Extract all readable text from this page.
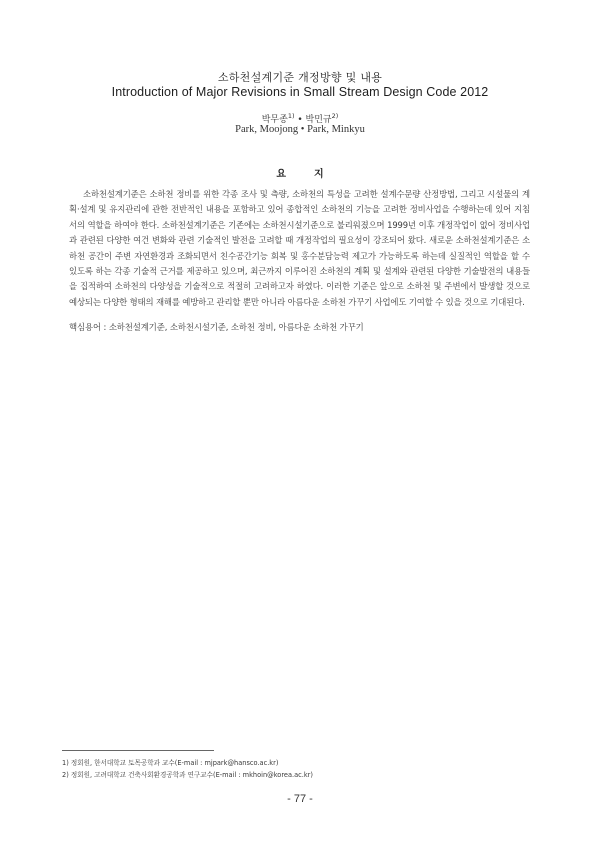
소하천설계기준 개정방향 및 내용
Introduction of Major Revisions in Small Stream Design Code 2012
박무종$^{1)}$ • 박민규$^{2)}$
Park, Moojong • Park, Minkyu
요	지
소하천설계기준은 소하천 정비를 위한 각종 조사 및 측량, 소하천의 특성을 고려한 설계수문량 산정방법, 그리고 시설물의 계획·설계 및 유지관리에 관한 전반적인 내용을 포함하고 있어 종합적인 소하천의 기능을 고려한 정비사업을 수행하는데 있어 지침서의 역할을 하여야 한다. 소하천설계기준은 기존에는 소하천시설기준으로 불리워졌으며 1999년 이후 개정작업이 없어 정비사업과 관련된 다양한 여건 변화와 관련 기술적인 발전을 고려할 때 개정작업의 필요성이 강조되어 왔다. 새로운 소하천설계기준은 소하천 공간이 주변 자연환경과 조화되면서 친수공간기능 회복 및 홍수분담능력 제고가 가능하도록 하는데 실질적인 역할을 할 수 있도록 하는 각종 기술적 근거를 제공하고 있으며, 최근까지 이루어진 소하천의 계획 및 설계와 관련된 다양한 기술발전의 내용들을 집적하여 소하천의 다양성을 기술적으로 적절히 고려하고자 하였다. 이러한 기준은 앞으로 소하천 및 주변에서 발생할 것으로 예상되는 다양한 형태의 재해를 예방하고 관리할 뿐만 아니라 아름다운 소하천 가꾸기 사업에도 기여할 수 있을 것으로 기대된다.
핵심용어 : 소하천설계기준, 소하천시설기준, 소하천 정비, 아름다운 소하천 가꾸기
1) 정회원, 한서대학교 토목공학과 교수(E-mail : mjpark@hansco.ac.kr)
2) 정회원, 고려대학교 건축사회환경공학과 연구교수(E-mail : mkhoin@korea.ac.kr)
- 77 -
